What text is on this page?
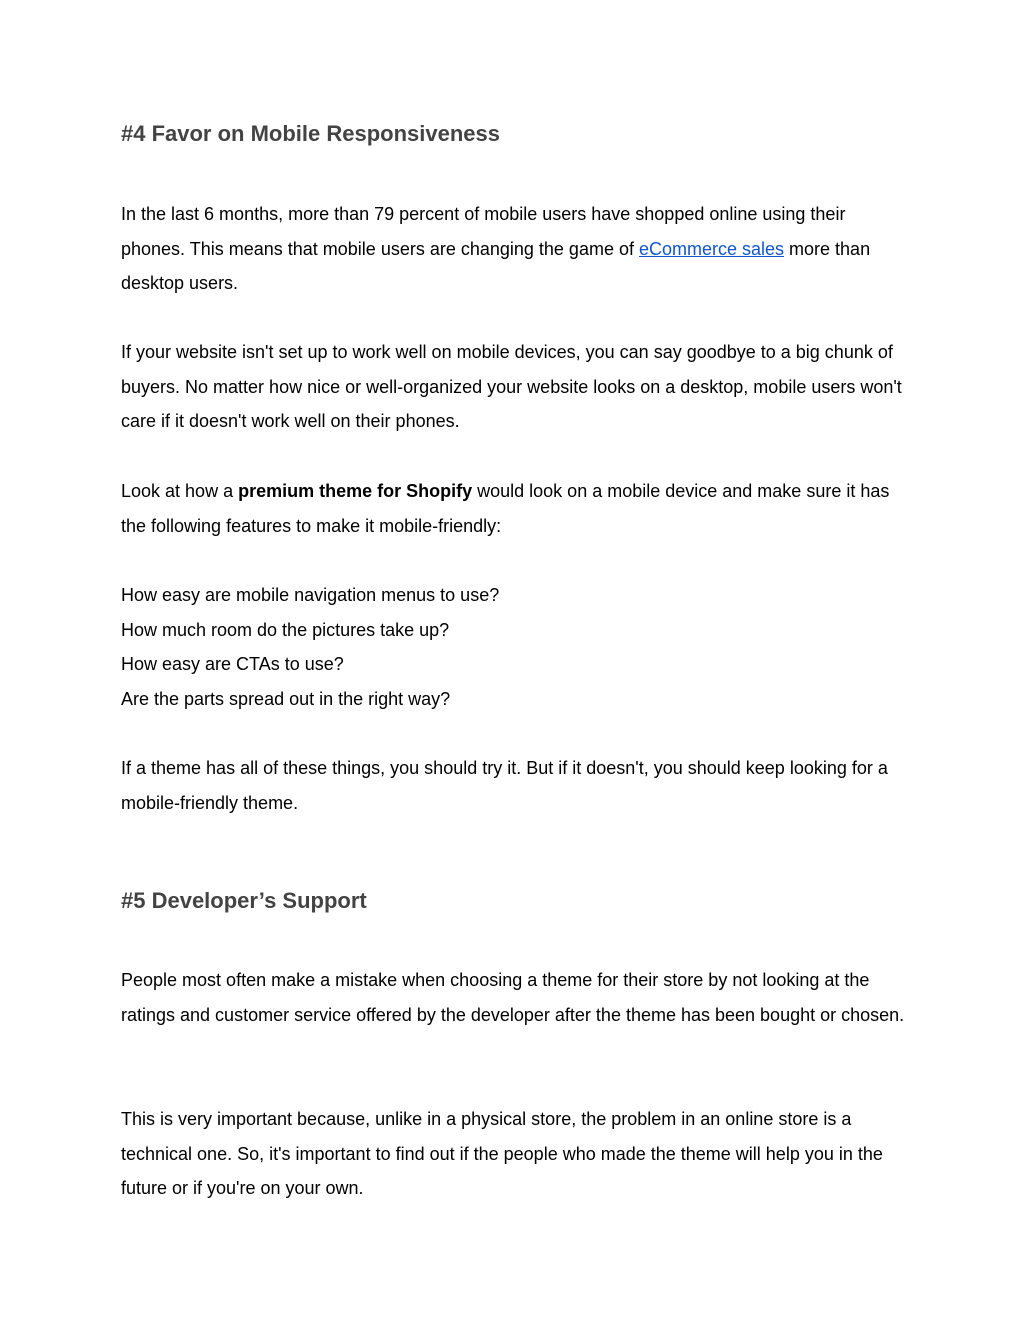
#4 Favor on Mobile Responsiveness

In the last 6 months, more than 79 percent of mobile users have shopped online using their phones. This means that mobile users are changing the game of eCommerce sales more than desktop users.

If your website isn't set up to work well on mobile devices, you can say goodbye to a big chunk of buyers. No matter how nice or well-organized your website looks on a desktop, mobile users won't care if it doesn't work well on their phones.

Look at how a premium theme for Shopify would look on a mobile device and make sure it has the following features to make it mobile-friendly:

How easy are mobile navigation menus to use?
How much room do the pictures take up?
How easy are CTAs to use?
Are the parts spread out in the right way?

If a theme has all of these things, you should try it. But if it doesn't, you should keep looking for a mobile-friendly theme.

#5 Developer’s Support

People most often make a mistake when choosing a theme for their store by not looking at the ratings and customer service offered by the developer after the theme has been bought or chosen.

This is very important because, unlike in a physical store, the problem in an online store is a technical one. So, it's important to find out if the people who made the theme will help you in the future or if you're on your own.
